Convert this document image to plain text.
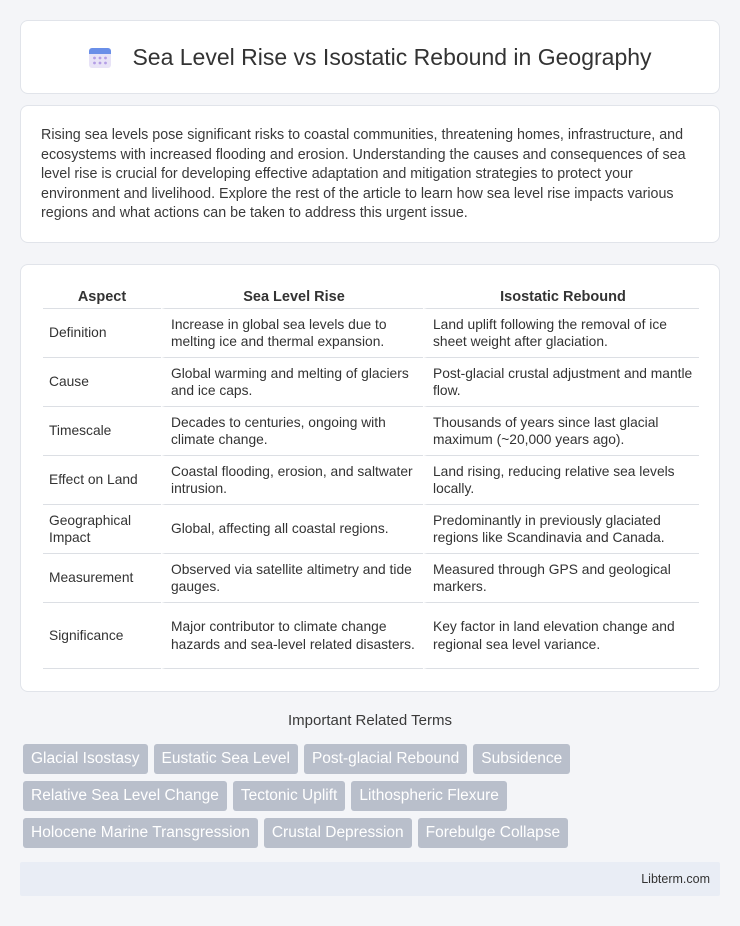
Sea Level Rise vs Isostatic Rebound in Geography

Rising sea levels pose significant risks to coastal communities, threatening homes, infrastructure, and ecosystems with increased flooding and erosion. Understanding the causes and consequences of sea level rise is crucial for developing effective adaptation and mitigation strategies to protect your environment and livelihood. Explore the rest of the article to learn how sea level rise impacts various regions and what actions can be taken to address this urgent issue.

Aspect	Sea Level Rise	Isostatic Rebound
Definition	Increase in global sea levels due to melting ice and thermal expansion.	Land uplift following the removal of ice sheet weight after glaciation.
Cause	Global warming and melting of glaciers and ice caps.	Post-glacial crustal adjustment and mantle flow.
Timescale	Decades to centuries, ongoing with climate change.	Thousands of years since last glacial maximum (~20,000 years ago).
Effect on Land	Coastal flooding, erosion, and saltwater intrusion.	Land rising, reducing relative sea levels locally.
Geographical Impact	Global, affecting all coastal regions.	Predominantly in previously glaciated regions like Scandinavia and Canada.
Measurement	Observed via satellite altimetry and tide gauges.	Measured through GPS and geological markers.
Significance	Major contributor to climate change hazards and sea-level related disasters.	Key factor in land elevation change and regional sea level variance.
Important Related Terms
Glacial Isostasy	Eustatic Sea Level	Post-glacial Rebound	Subsidence
Relative Sea Level Change	Tectonic Uplift	Lithospheric Flexure
Holocene Marine Transgression	Crustal Depression	Forebulge Collapse
Libterm.com
